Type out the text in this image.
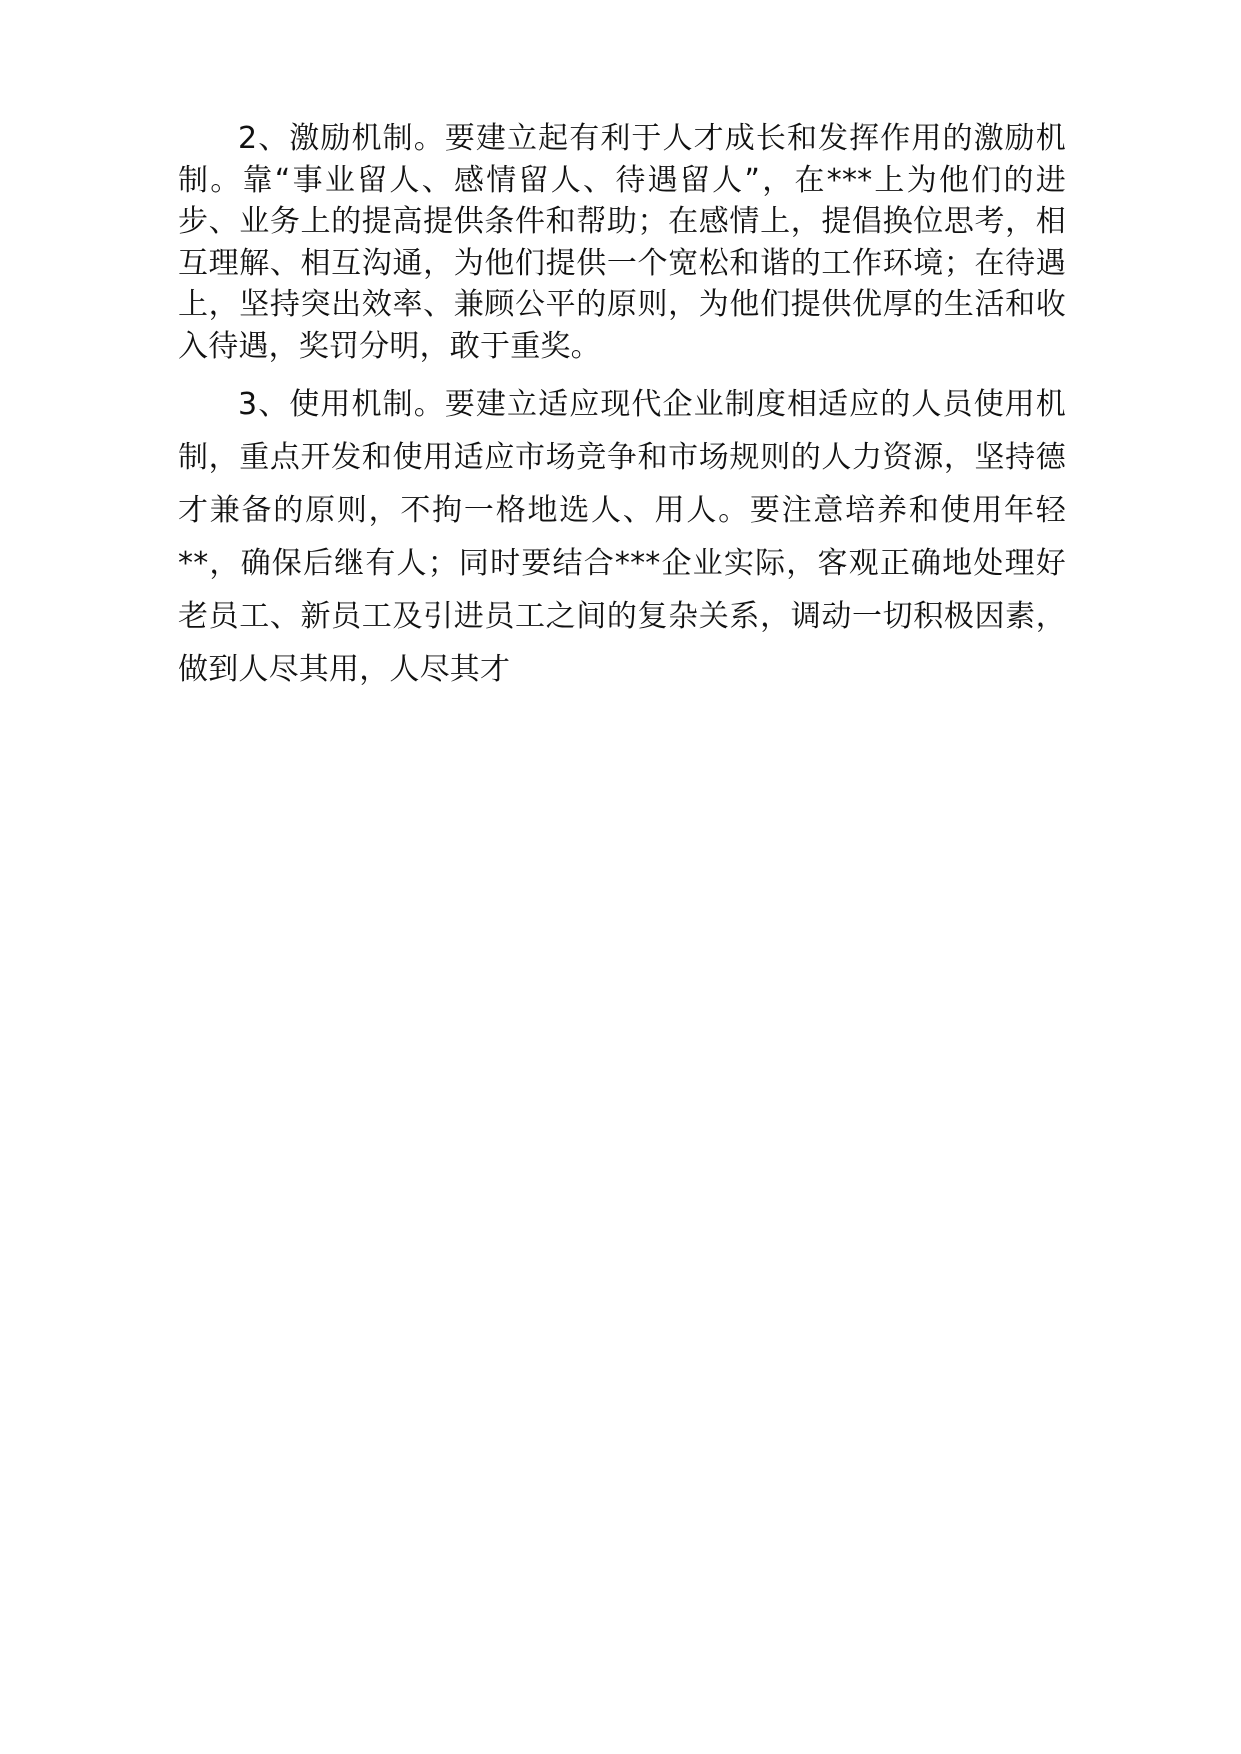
2、激励机制。要建立起有利于人才成长和发挥作用的激励机制。靠“事业留人、感情留人、待遇留人”，在***上为他们的进步、业务上的提高提供条件和帮助；在感情上，提倡换位思考，相互理解、相互沟通，为他们提供一个宽松和谐的工作环境；在待遇上，坚持突出效率、兼顾公平的原则，为他们提供优厚的生活和收入待遇，奖罚分明，敢于重奖。

3、使用机制。要建立适应现代企业制度相适应的人员使用机制，重点开发和使用适应市场竞争和市场规则的人力资源，坚持德才兼备的原则，不拘一格地选人、用人。要注意培养和使用年轻**，确保后继有人；同时要结合***企业实际，客观正确地处理好老员工、新员工及引进员工之间的复杂关系，调动一切积极因素，做到人尽其用，人尽其才
